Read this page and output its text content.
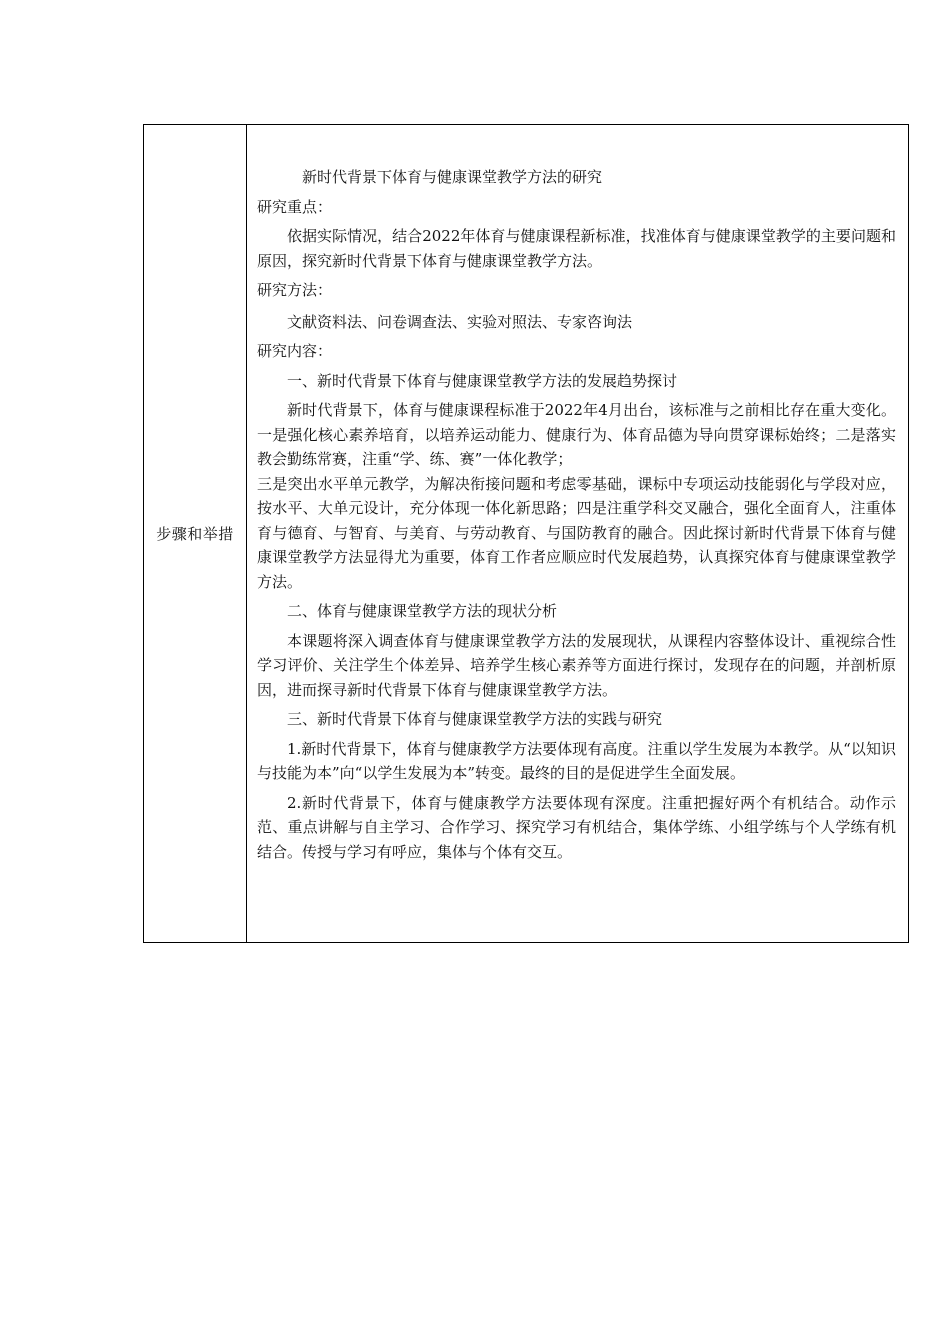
步骤和举措

新时代背景下体育与健康课堂教学方法的研究

研究重点：

依据实际情况，结合2022年体育与健康课程新标准，找准体育与健康课堂教学的主要问题和原因，探究新时代背景下体育与健康课堂教学方法。

研究方法：

文献资料法、问卷调查法、实验对照法、专家咨询法

研究内容：

一、新时代背景下体育与健康课堂教学方法的发展趋势探讨

新时代背景下，体育与健康课程标准于2022年4月出台，该标准与之前相比存在重大变化。一是强化核心素养培育，以培养运动能力、健康行为、体育品德为导向贯穿课标始终；二是落实教会勤练常赛，注重“学、练、赛”一体化教学；

三是突出水平单元教学，为解决衔接问题和考虑零基础，课标中专项运动技能弱化与学段对应，按水平、大单元设计，充分体现一体化新思路；四是注重学科交叉融合，强化全面育人，注重体育与德育、与智育、与美育、与劳动教育、与国防教育的融合。因此探讨新时代背景下体育与健康课堂教学方法显得尤为重要，体育工作者应顺应时代发展趋势，认真探究体育与健康课堂教学方法。

二、体育与健康课堂教学方法的现状分析

本课题将深入调查体育与健康课堂教学方法的发展现状，从课程内容整体设计、重视综合性学习评价、关注学生个体差异、培养学生核心素养等方面进行探讨，发现存在的问题，并剖析原因，进而探寻新时代背景下体育与健康课堂教学方法。

三、新时代背景下体育与健康课堂教学方法的实践与研究

1.新时代背景下，体育与健康教学方法要体现有高度。注重以学生发展为本教学。从“以知识与技能为本”向“以学生发展为本”转变。最终的目的是促进学生全面发展。

2.新时代背景下，体育与健康教学方法要体现有深度。注重把握好两个有机结合。动作示范、重点讲解与自主学习、合作学习、探究学习有机结合，集体学练、小组学练与个人学练有机结合。传授与学习有呼应，集体与个体有交互。
